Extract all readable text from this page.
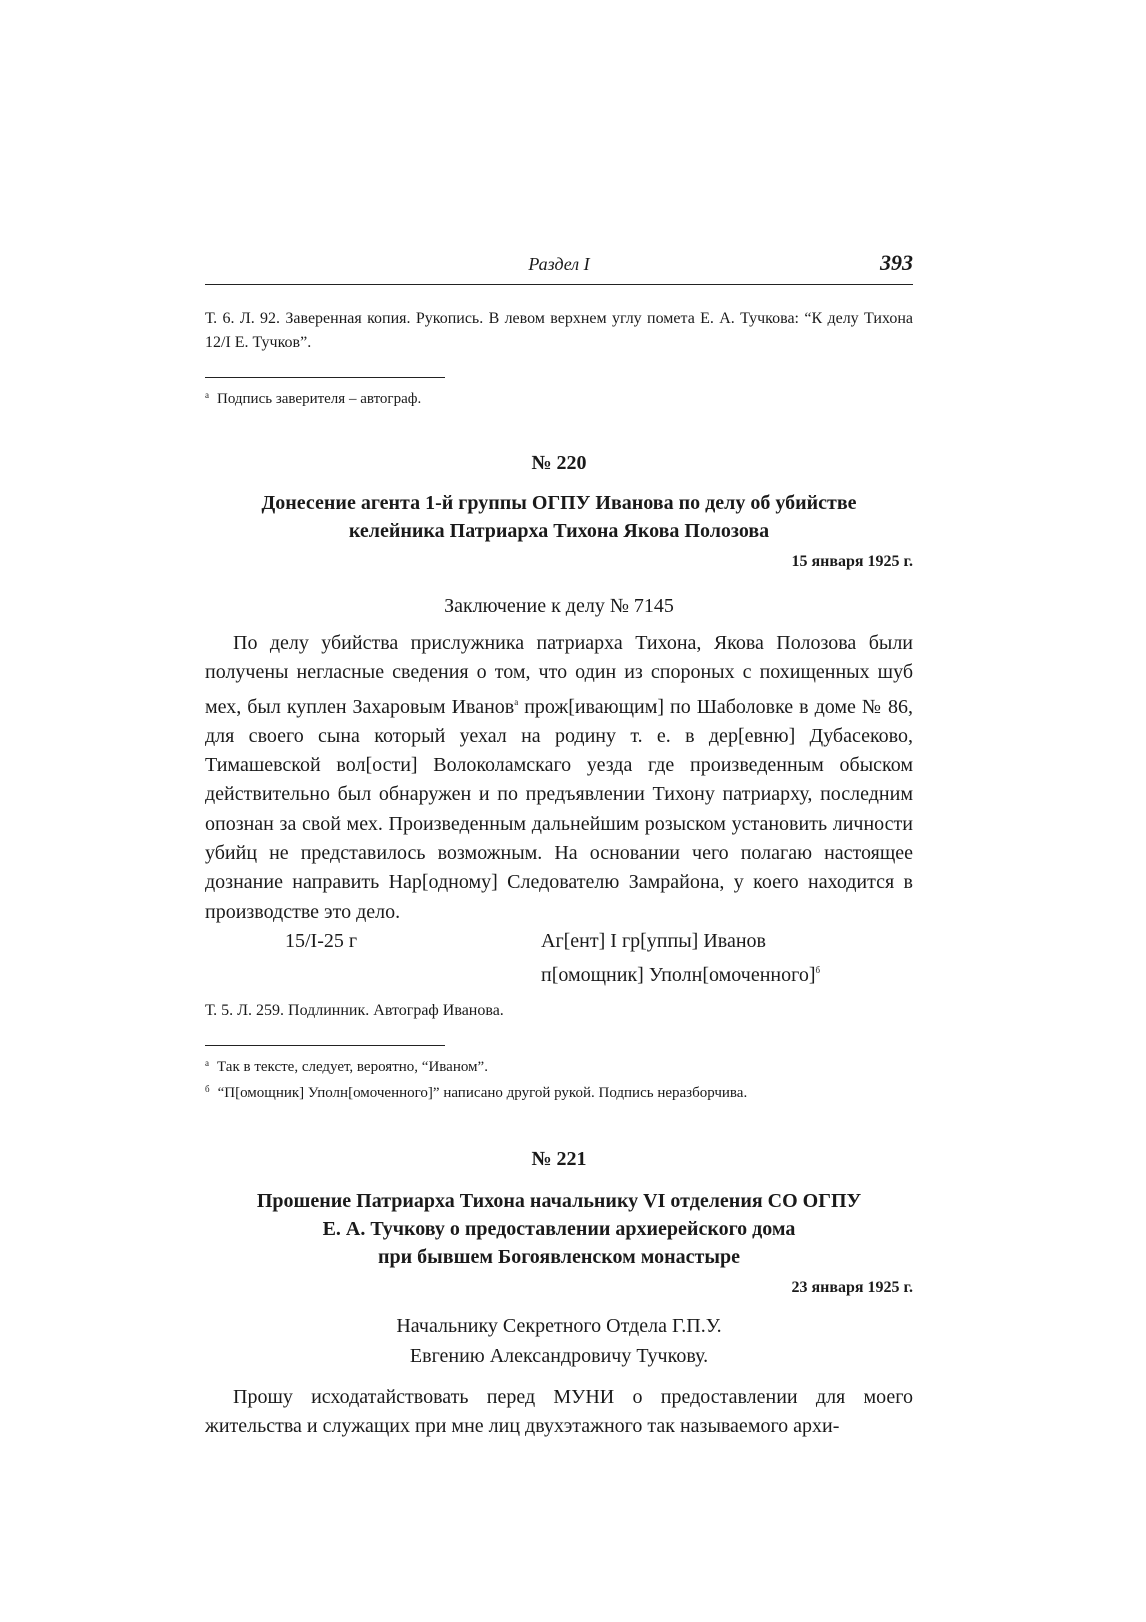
Раздел I	393
Т. 6. Л. 92. Заверенная копия. Рукопись. В левом верхнем углу помета Е. А. Тучкова: “К делу Тихона 12/I Е. Тучков”.
$^а$ Подпись заверителя – автограф.
№ 220
Донесение агента 1-й группы ОГПУ Иванова по делу об убийстве
келейника Патриарха Тихона Якова Полозова
15 января 1925 г.
Заключение к делу № 7145
По делу убийства прислужника патриарха Тихона, Якова Полозова были получены негласные сведения о том, что один из спороных с похищенных шуб мех, был куплен Захаровым Иванов$^а$ прож[ивающим] по Шаболовке в доме № 86, для своего сына который уехал на родину т. е. в дер[евню] Дубасеково, Тимашевской вол[ости] Волоколамскаго уезда где произведенным обыском действительно был обнаружен и по предъявлении Тихону патриарху, последним опознан за свой мех. Произведенным дальнейшим розыском установить личности убийц не представилось возможным. На основании чего полагаю настоящее дознание направить Нар[одному] Следователю Замрайона, у коего находится в производстве это дело.
15/I-25 г	Аг[ент] I гр[уппы] Иванов
п[омощник] Уполн[омоченного]$^б$
Т. 5. Л. 259. Подлинник. Автограф Иванова.
$^а$ Так в тексте, следует, вероятно, “Иваном”.
$^б$ “П[омощник] Уполн[омоченного]” написано другой рукой. Подпись неразборчива.
№ 221
Прошение Патриарха Тихона начальнику VI отделения СО ОГПУ
Е. А. Тучкову о предоставлении архиерейского дома
при бывшем Богоявленском монастыре
23 января 1925 г.
Начальнику Секретного Отдела Г.П.У.
Евгению Александровичу Тучкову.
Прошу исходатайствовать перед МУНИ о предоставлении для моего жительства и служащих при мне лиц двухэтажного так называемого архи-
